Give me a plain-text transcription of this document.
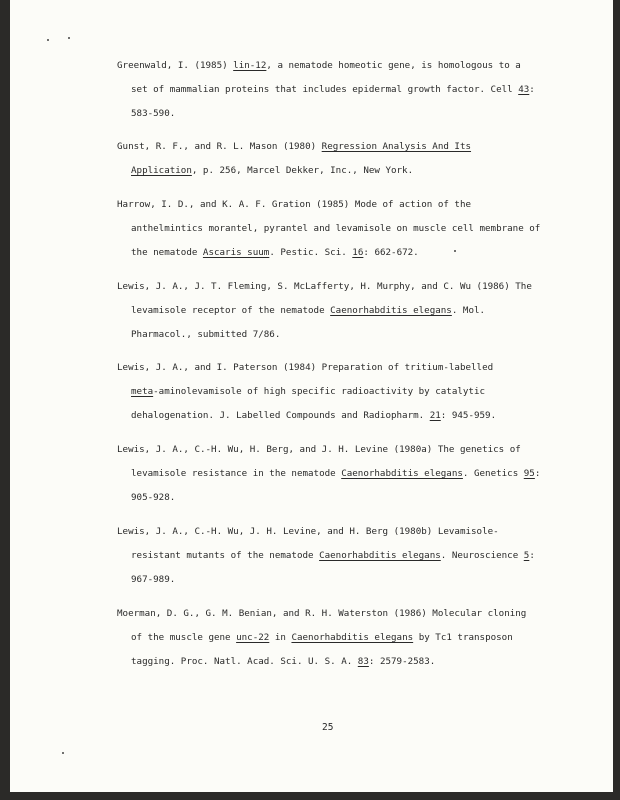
Greenwald, I. (1985) lin-12, a nematode homeotic gene, is homologous to a
set of mammalian proteins that includes epidermal growth factor. Cell 43:
583-590.
Gunst, R. F., and R. L. Mason (1980) Regression Analysis And Its
Application, p. 256, Marcel Dekker, Inc., New York.
Harrow, I. D., and K. A. F. Gration (1985) Mode of action of the
anthelmintics morantel, pyrantel and levamisole on muscle cell membrane of
the nematode Ascaris suum. Pestic. Sci. 16: 662-672.
Lewis, J. A., J. T. Fleming, S. McLafferty, H. Murphy, and C. Wu (1986) The
levamisole receptor of the nematode Caenorhabditis elegans. Mol.
Pharmacol., submitted 7/86.
Lewis, J. A., and I. Paterson (1984) Preparation of tritium-labelled
meta-aminolevamisole of high specific radioactivity by catalytic
dehalogenation. J. Labelled Compounds and Radiopharm. 21: 945-959.
Lewis, J. A., C.-H. Wu, H. Berg, and J. H. Levine (1980a) The genetics of
levamisole resistance in the nematode Caenorhabditis elegans. Genetics 95:
905-928.
Lewis, J. A., C.-H. Wu, J. H. Levine, and H. Berg (1980b) Levamisole-
resistant mutants of the nematode Caenorhabditis elegans. Neuroscience 5:
967-989.
Moerman, D. G., G. M. Benian, and R. H. Waterston (1986) Molecular cloning
of the muscle gene unc-22 in Caenorhabditis elegans by Tc1 transposon
tagging. Proc. Natl. Acad. Sci. U. S. A. 83: 2579-2583.
25
